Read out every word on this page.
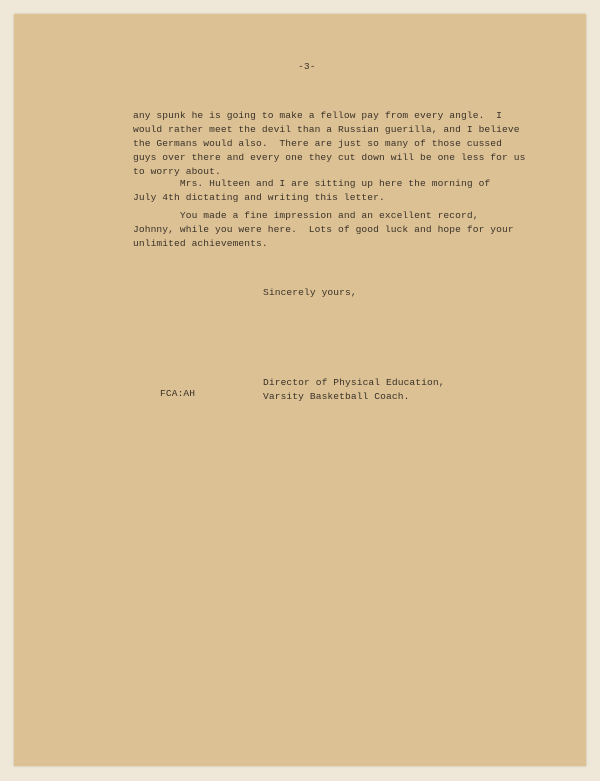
-3-
any spunk he is going to make a fellow pay from every angle.  I
would rather meet the devil than a Russian guerilla, and I believe
the Germans would also.  There are just so many of those cussed
guys over there and every one they cut down will be one less for us
to worry about.
Mrs. Hulteen and I are sitting up here the morning of
July 4th dictating and writing this letter.
You made a fine impression and an excellent record,
Johnny, while you were here.  Lots of good luck and hope for your
unlimited achievements.
Sincerely yours,
FCA:AH
Director of Physical Education,
Varsity Basketball Coach.
